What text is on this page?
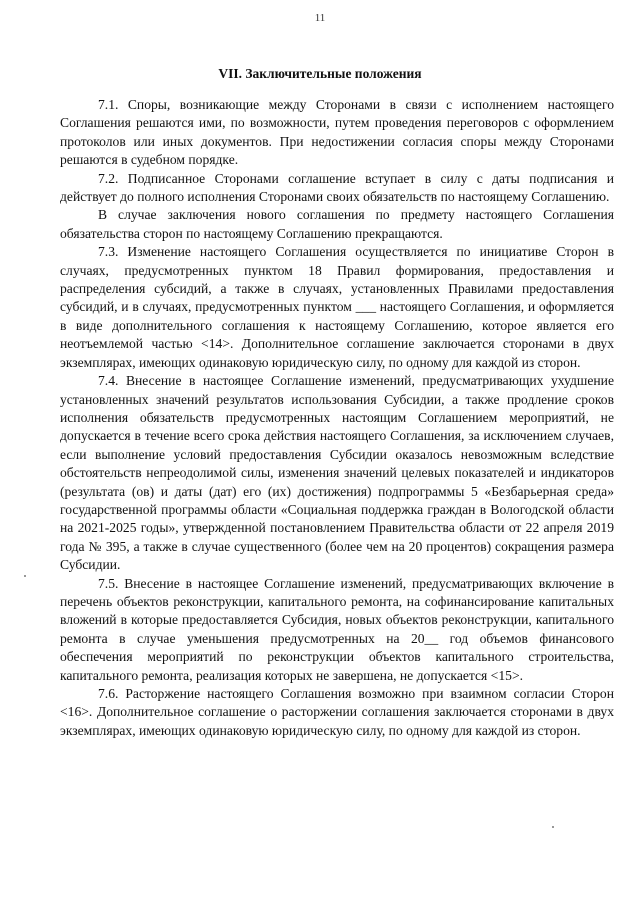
11
VII. Заключительные положения

7.1. Споры, возникающие между Сторонами в связи с исполнением настоящего Соглашения решаются ими, по возможности, путем проведения переговоров с оформлением протоколов или иных документов. При недостижении согласия споры между Сторонами решаются в судебном порядке.

7.2. Подписанное Сторонами соглашение вступает в силу с даты подписания и действует до полного исполнения Сторонами своих обязательств по настоящему Соглашению.

В случае заключения нового соглашения по предмету настоящего Соглашения обязательства сторон по настоящему Соглашению прекращаются.

7.3. Изменение настоящего Соглашения осуществляется по инициативе Сторон в случаях, предусмотренных пунктом 18 Правил формирования, предоставления и распределения субсидий, а также в случаях, установленных Правилами предоставления субсидий, и в случаях, предусмотренных пунктом ___ настоящего Соглашения, и оформляется в виде дополнительного соглашения к настоящему Соглашению, которое является его неотъемлемой частью <14>. Дополнительное соглашение заключается сторонами в двух экземплярах, имеющих одинаковую юридическую силу, по одному для каждой из сторон.

7.4. Внесение в настоящее Соглашение изменений, предусматривающих ухудшение установленных значений результатов использования Субсидии, а также продление сроков исполнения обязательств предусмотренных настоящим Соглашением мероприятий, не допускается в течение всего срока действия настоящего Соглашения, за исключением случаев, если выполнение условий предоставления Субсидии оказалось невозможным вследствие обстоятельств непреодолимой силы, изменения значений целевых показателей и индикаторов (результата (ов) и даты (дат) его (их) достижения) подпрограммы 5 «Безбарьерная среда» государственной программы области «Социальная поддержка граждан в Вологодской области на 2021-2025 годы», утвержденной постановлением Правительства области от 22 апреля 2019 года № 395, а также в случае существенного (более чем на 20 процентов) сокращения размера Субсидии.

7.5. Внесение в настоящее Соглашение изменений, предусматривающих включение в перечень объектов реконструкции, капитального ремонта, на софинансирование капитальных вложений в которые предоставляется Субсидия, новых объектов реконструкции, капитального ремонта в случае уменьшения предусмотренных на 20__ год объемов финансового обеспечения мероприятий по реконструкции объектов капитального строительства, капитального ремонта, реализация которых не завершена, не допускается <15>.

7.6. Расторжение настоящего Соглашения возможно при взаимном согласии Сторон <16>. Дополнительное соглашение о расторжении соглашения заключается сторонами в двух экземплярах, имеющих одинаковую юридическую силу, по одному для каждой из сторон.
